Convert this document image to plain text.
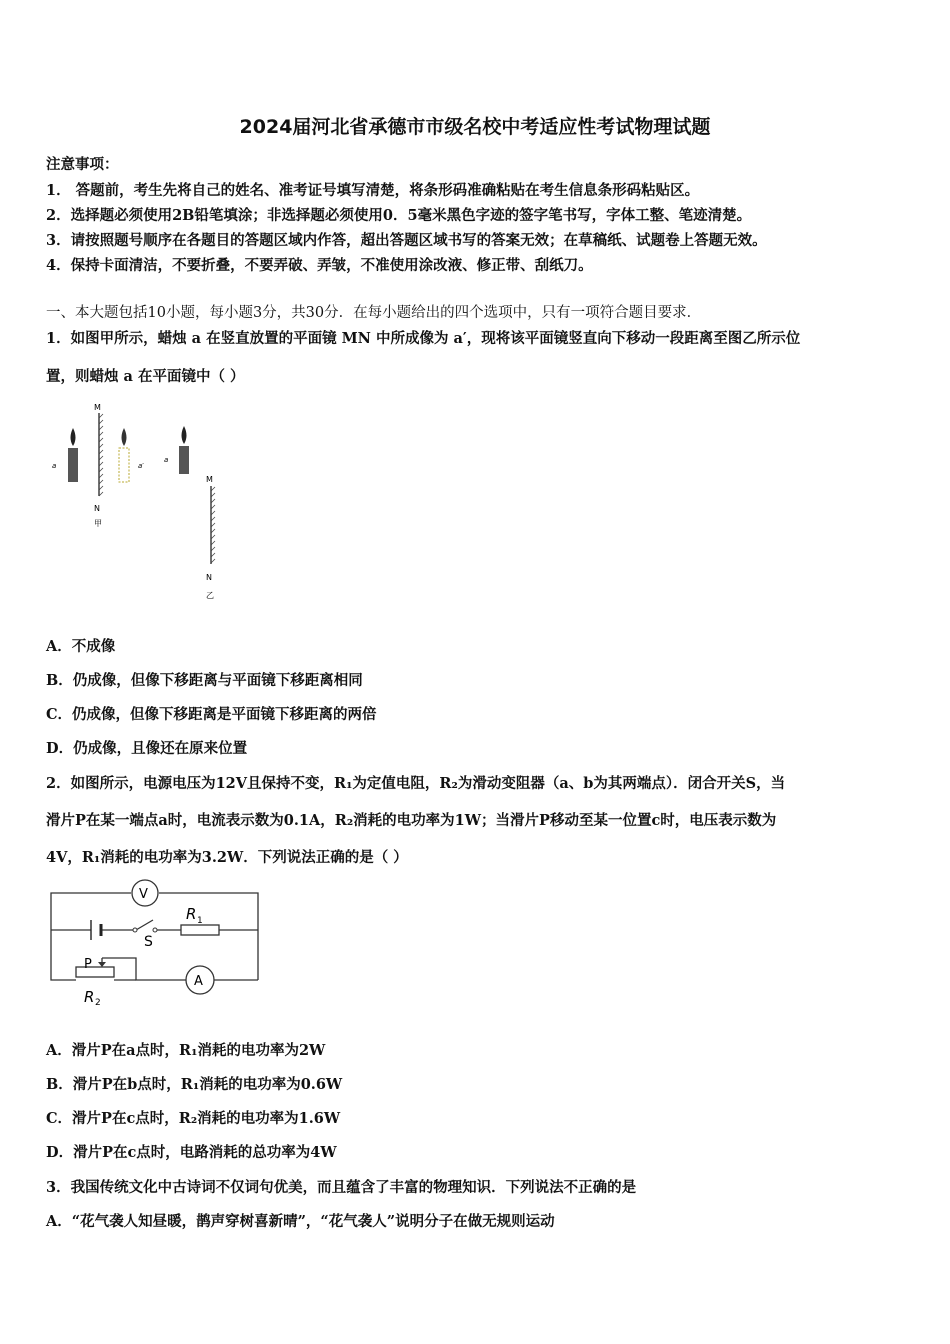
2024届河北省承德市市级名校中考适应性考试物理试题
注意事项：
1． 答题前，考生先将自己的姓名、准考证号填写清楚，将条形码准确粘贴在考生信息条形码粘贴区。
2．选择题必须使用2B铅笔填涂；非选择题必须使用0．5毫米黑色字迹的签字笔书写，字体工整、笔迹清楚。
3．请按照题号顺序在各题目的答题区域内作答，超出答题区域书写的答案无效；在草稿纸、试题卷上答题无效。
4．保持卡面清洁，不要折叠，不要弄破、弄皱，不准使用涂改液、修正带、刮纸刀。
一、本大题包括10小题，每小题3分，共30分．在每小题给出的四个选项中，只有一项符合题目要求．
1．如图甲所示，蜡烛 a 在竖直放置的平面镜 MN 中所成像为 a′，现将该平面镜竖直向下移动一段距离至图乙所示位
置，则蜡烛 a 在平面镜中（ ）
M
N
甲
a	a′
a
M
N
乙
A．不成像
B．仍成像，但像下移距离与平面镜下移距离相同
C．仍成像，但像下移距离是平面镜下移距离的两倍
D．仍成像，且像还在原来位置
2．如图所示，电源电压为12V且保持不变，R₁为定值电阻，R₂为滑动变阻器（a、b为其两端点）．闭合开关S，当
滑片P在某一端点a时，电流表示数为0.1A，R₂消耗的电功率为1W；当滑片P移动至某一位置c时，电压表示数为
4V，R₁消耗的电功率为3.2W．下列说法正确的是（ ）
S
V
A
R 1
P
R 2
A．滑片P在a点时，R₁消耗的电功率为2W
B．滑片P在b点时，R₁消耗的电功率为0.6W
C．滑片P在c点时，R₂消耗的电功率为1.6W
D．滑片P在c点时，电路消耗的总功率为4W
3．我国传统文化中古诗词不仅词句优美，而且蕴含了丰富的物理知识．下列说法不正确的是
A．“花气袭人知昼暖，鹊声穿树喜新晴”，“花气袭人”说明分子在做无规则运动
